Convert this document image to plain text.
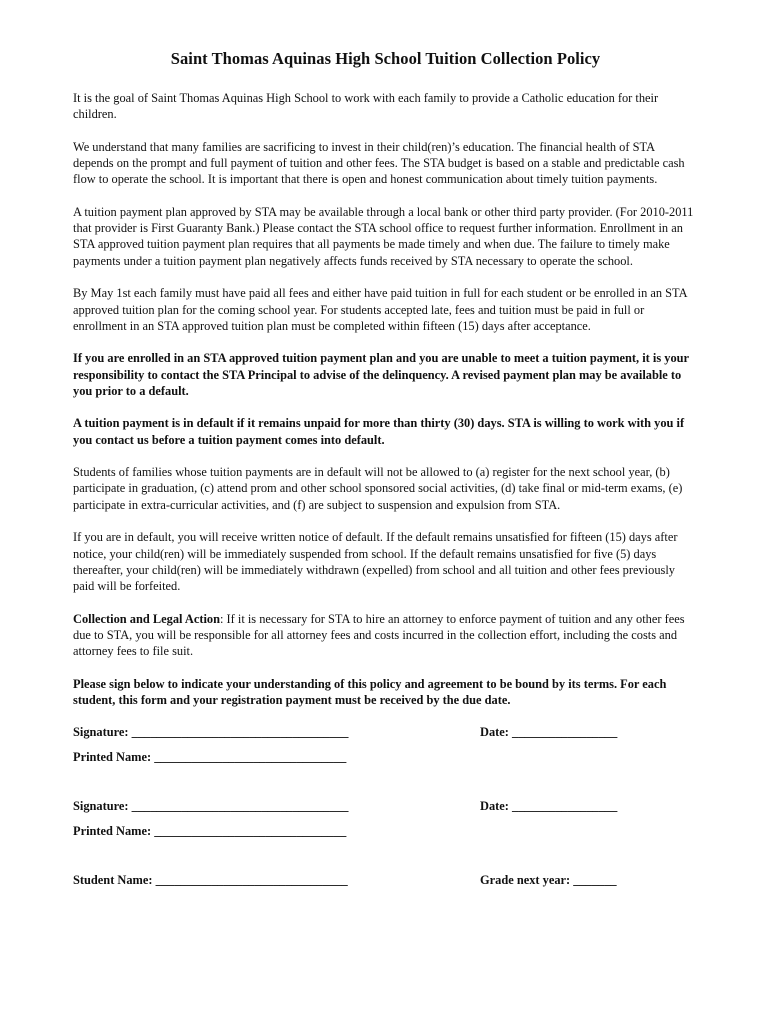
Saint Thomas Aquinas High School Tuition Collection Policy

It is the goal of Saint Thomas Aquinas High School to work with each family to provide a Catholic education for their children.

We understand that many families are sacrificing to invest in their child(ren)’s education. The financial health of STA depends on the prompt and full payment of tuition and other fees. The STA budget is based on a stable and predictable cash flow to operate the school. It is important that there is open and honest communication about timely tuition payments.

A tuition payment plan approved by STA may be available through a local bank or other third party provider. (For 2010-2011 that provider is First Guaranty Bank.) Please contact the STA school office to request further information. Enrollment in an STA approved tuition payment plan requires that all payments be made timely and when due. The failure to timely make payments under a tuition payment plan negatively affects funds received by STA necessary to operate the school.

By May 1st each family must have paid all fees and either have paid tuition in full for each student or be enrolled in an STA approved tuition plan for the coming school year. For students accepted late, fees and tuition must be paid in full or enrollment in an STA approved tuition plan must be completed within fifteen (15) days after acceptance.

If you are enrolled in an STA approved tuition payment plan and you are unable to meet a tuition payment, it is your responsibility to contact the STA Principal to advise of the delinquency. A revised payment plan may be available to you prior to a default.

A tuition payment is in default if it remains unpaid for more than thirty (30) days. STA is willing to work with you if you contact us before a tuition payment comes into default.

Students of families whose tuition payments are in default will not be allowed to (a) register for the next school year, (b) participate in graduation, (c) attend prom and other school sponsored social activities, (d) take final or mid-term exams, (e) participate in extra-curricular activities, and (f) are subject to suspension and expulsion from STA.

If you are in default, you will receive written notice of default. If the default remains unsatisfied for fifteen (15) days after notice, your child(ren) will be immediately suspended from school. If the default remains unsatisfied for five (5) days thereafter, your child(ren) will be immediately withdrawn (expelled) from school and all tuition and other fees previously paid will be forfeited.

Collection and Legal Action: If it is necessary for STA to hire an attorney to enforce payment of tuition and any other fees due to STA, you will be responsible for all attorney fees and costs incurred in the collection effort, including the costs and attorney fees to file suit.

Please sign below to indicate your understanding of this policy and agreement to be bound by its terms. For each student, this form and your registration payment must be received by the due date.

Signature: ___________________________________	Date: _________________
Printed Name: _______________________________
Signature: ___________________________________	Date: _________________
Printed Name: _______________________________
Student Name: _______________________________	Grade next year: _______
